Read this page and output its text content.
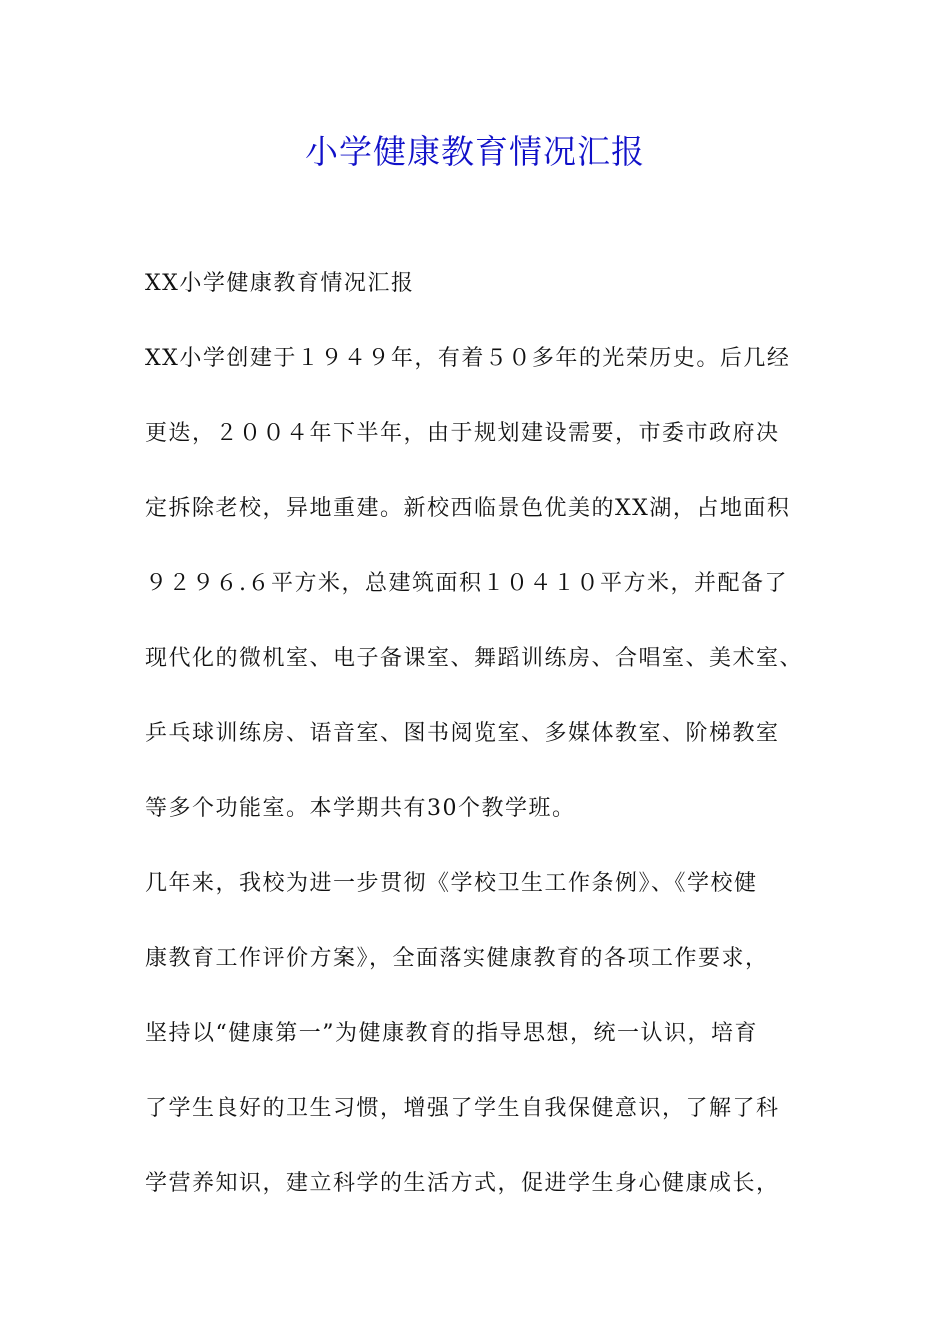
小学健康教育情况汇报
XX小学健康教育情况汇报
XX小学创建于１９４９年，有着５０多年的光荣历史。后几经
更迭，２００４年下半年，由于规划建设需要，市委市政府决
定拆除老校，异地重建。新校西临景色优美的XX湖，占地面积
９２９６.６平方米，总建筑面积１０４１０平方米，并配备了
现代化的微机室、电子备课室、舞蹈训练房、合唱室、美术室、
乒乓球训练房、语音室、图书阅览室、多媒体教室、阶梯教室
等多个功能室。本学期共有30个教学班。
几年来，我校为进一步贯彻《学校卫生工作条例》、《学校健
康教育工作评价方案》，全面落实健康教育的各项工作要求，
坚持以“健康第一”为健康教育的指导思想，统一认识，培育
了学生良好的卫生习惯，增强了学生自我保健意识，了解了科
学营养知识，建立科学的生活方式，促进学生身心健康成长，
